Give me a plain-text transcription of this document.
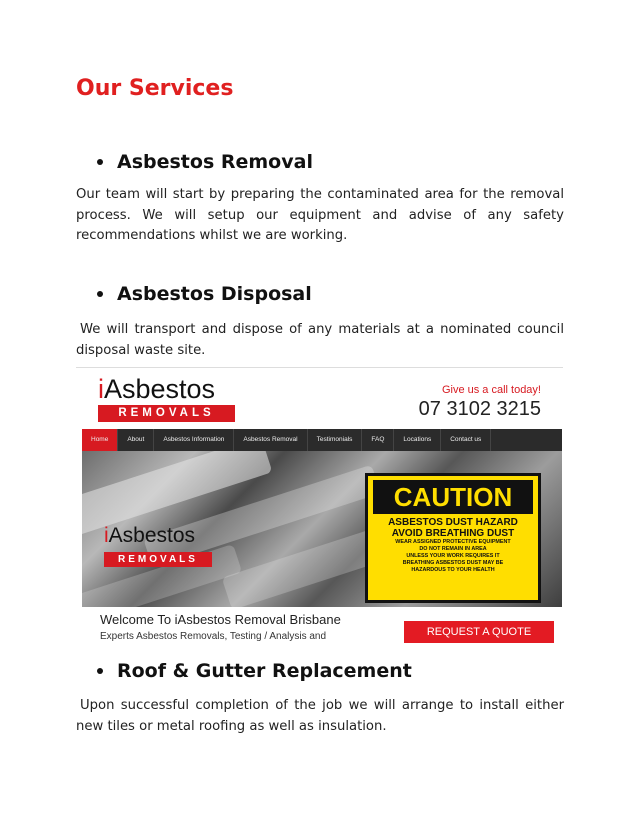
Our Services
Asbestos Removal

Our team will start by preparing the contaminated area for the removal process. We will setup our equipment and advise of any safety recommendations whilst we are working.

Asbestos Disposal

We will transport and dispose of any materials at a nominated council disposal waste site.

iAsbestos
REMOVALS
Give us a call today!
07 3102 3215
Home	About	Asbestos Information	Asbestos Removal	Testimonials	FAQ	Locations	Contact us
iAsbestos
REMOVALS
CAUTION
ASBESTOS DUST HAZARD
AVOID BREATHING DUST
WEAR ASSIGNED PROTECTIVE EQUIPMENT
DO NOT REMAIN IN AREA
UNLESS YOUR WORK REQUIRES IT
BREATHING ASBESTOS DUST MAY BE
HAZARDOUS TO YOUR HEALTH
Welcome To iAsbestos Removal Brisbane
Experts Asbestos Removals, Testing / Analysis and	REQUEST A QUOTE
Roof & Gutter Replacement

Upon successful completion of the job we will arrange to install either new tiles or metal roofing as well as insulation.
